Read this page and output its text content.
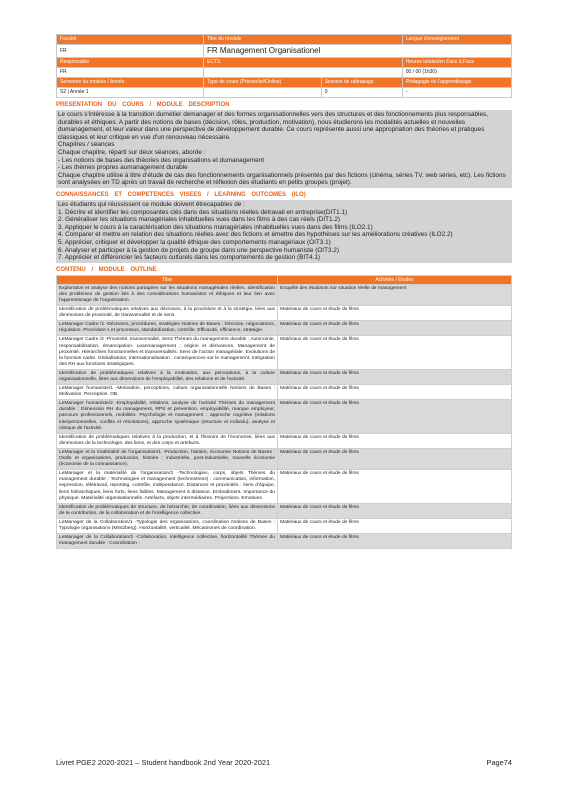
Faculté	Titre du module		Langue d'enseignement
FR	FR Management Organisationel		
Responsable	ECTS		Heures totales/en Face à Face
FR			00 / 00 (1h30)
Semestre du module / Année	Type de cours (Présentiel/Online)	Session de rattrapage	Pédagogie de l'apprentissage
S2 | Année 1		0	-
PRESENTATION DU COURS / MODULE DESCRIPTION

Le cours s'intéresse à la transition durnétier demanager et des formes organisationnelles vers des structures et des fonctionnements plus responsables, durables et éthiques. A partir des notions de bases (décision, rôles, production, motivation), nous étudierons les modalités actuelles et nouvelles dumanagement, et leur valeur dans une perspective de développement durable. Ce cours représente aussi une appropriation des théories et pratiques classiques et leur critique en vue d'un renouveau nécessaire.

Chapitres / séances

Chaque chapitre, réparti sur deux séances, aborde :

- Les notions de bases des théories des organisations et dumanagement

- Les thèmes propres aumanagement durable

Chaque chapitre utilise à titre d'étude de cas des fonctionnements organisationnels présentés par des fictions (cinéma, séries TV, web séries, etc). Les fictions sont analysées en TD après un travail de recherche et réflexion des étudiants en petits groupes (projet).

CONNAISSANCES ET COMPETENCES VISEES / LEARNING OUTCOMES (ILO)

Les étudiants qui réussissent ce module doivent êtrecapables de :

1. Décrire et identifier les composantes clés dans des situations réelles detravail en entreprise(DIT1.1)

2. Généraliser les situations managériales inhabituelles vues dans les films à des cas réels (DIT1.2)

3. Appliquer le cours à la caractérisation des situations managériales inhabituelles vues dans des films (ILO2.1)

4. Comparer et mettre en relation des situations réelles avec des fictions et émettre des hypothèses sur les améliorations créatives (ILO2.2)

5. Apprécier, critiquer et développer la qualité éthique des comportements managériaux (OIT3.1)

6. Analyser et participer à la gestion de projets de groupe dans une perspective humaniste (OIT3.2)

7. Apprécier et différencier les facteurs culturels dans les comportements de gestion (BIT4.1)

CONTENU / MODULE OUTLINE
Titre	Activités / Etudes
Exploration et analyse des notions partagées sur les situations managériales réelles. Identification des problèmes de gestion liés à des considérations humanistes et éthiques et leur lien avec l'apprentissage de l'organisation.	Enquête des étudiants sur situation réelle de management
Identification de problématiques relatives aux décisions, à la procédure et à la stratégie, liées aux dimensions de proximité, de transversalité et de sens.	Matériaux de cours et étude de films
LeManager Cadre /1 -Décisions, procédures, stratégies Notions de Bases : Décision, négociations, régulation. Procédure s et processus, standardisation, contrôle. Efficacité, efficience, stratégie.	Matériaux de cours et étude de films
LeManager Cadre /2 -Proximité, transversalité, Sens Thèmes du management durable : Autonomie, responsabilisation, émancipation. Leanmanagement : origine et dérivances. Management de proximité. Hiérarchies fonctionnelles et transversalités. Sens de l'action managériale. Evolutions de la fonction cadre. Globalisation, internationalisation : conséquences sur le management. Intégration des RH aux fonctions stratégiques.	Matériaux de cours et étude de films
Identification de problématiques relatives à la motivation, aux perceptions, à la culture organisationnelle, liées aux dimensions de l'employabilité, des relations et de l'activité.	Matériaux de cours et étude de films
LeManager humaniste/1 -Motivation, perceptions, culture organisationnelle Notions de Bases : Motivation. Perception. OB.	Matériaux de cours et étude de films
LeManager humaniste/2 -Employabilité, relations, analyse de l'activité Thèmes du management durable : Dimension RH du management, RPS et prévention, employabilité, marque employeur, parcours professionnels, mobilités. Psychologie et management : approche cognitive (relations interpersonnelles, conflits et résolutions), approche systémique (structure et individu), analyse et clinique de l'activité.	Matériaux de cours et étude de films
Identification de problématiques relatives à la production, et à l'histoire de l'économie, liées aux dimensions de la technologie, des liens, et des corps et artefacts.	Matériaux de cours et étude de films
LeManager et la matérialité de l'organisation/1 -Production, histoire, économie Notions de Bases : Outils et organisations, production, histoire : industrielle, post-industrielle, nouvelle économie (économie de la connaissance).	Matériaux de cours et étude de films
LeManager et la matérialité de l'organisation/2 -Technologies, corps, objets Thèmes du management durable : Technologies et management (technostress) : communication, information, expression, télétravail, reporting, contrôle, indépendance. Distances et proximités : liens d'équipe, liens hiérarchiques, liens forts, liens faibles. Management à distance. Embodiment. Importance du physique. Matérialité organisationnelle. Artefacts, objets intermédiaires. Projections. Emotions.	Matériaux de cours et étude de films
Identification de problématiques de structure, de hiérarchie, de coordination, liées aux dimensions de la contribution, de la collaboration et de l'intelligence collective.	Matériaux de cours et étude de films
LeManager de la Collaboration/1 -Typologie des organisations, coordination Notions de Bases : Typologie organisations (Mintzberg). Horizontalité, verticalité. Mécanismes de coordination.	Matériaux de cours et étude de films
LeManager de la Collaboration/2 -Collaboration, intelligence collective, horizontalité Thèmes du management durable : Coordination -	Matériaux de cours et étude de films
Livret PGE2 2020-2021 – Student handbook 2nd Year 2020-2021	Page74
